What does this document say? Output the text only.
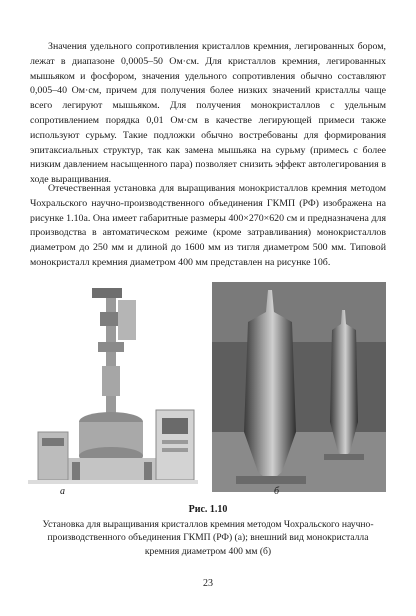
Значения удельного сопротивления кристаллов кремния, легированных бором, лежат в диапазоне 0,0005–50 Ом·см. Для кристаллов кремния, легированных мышьяком и фосфором, значения удельного сопротивления обычно составляют 0,005–40 Ом·см, причем для получения более низких значений кристаллы чаще всего легируют мышьяком. Для получения монокристаллов с удельным сопротивлением порядка 0,01 Ом·см в качестве легирующей примеси также используют сурьму. Такие подложки обычно востребованы для формирования эпитаксиальных структур, так как замена мышьяка на сурьму (примесь с более низким давлением насыщенного пара) позволяет снизить эффект автолегирования в ходе выращивания.

Отечественная установка для выращивания монокристаллов кремния методом Чохральского научно-производственного объединения ГКМП (РФ) изображена на рисунке 1.10а. Она имеет габаритные размеры 400×270×620 см и предназначена для производства в автоматическом режиме (кроме затравливания) монокристаллов диаметром до 250 мм и длиной до 1600 мм из тигля диаметром 500 мм. Типовой монокристалл кремния диаметром 400 мм представлен на рисунке 10б.

а	б
Рис. 1.10
Установка для выращивания кристаллов кремния методом Чохральского научно-производственного объединения ГКМП (РФ) (а); внешний вид монокристалла кремния диаметром 400 мм (б)
23
